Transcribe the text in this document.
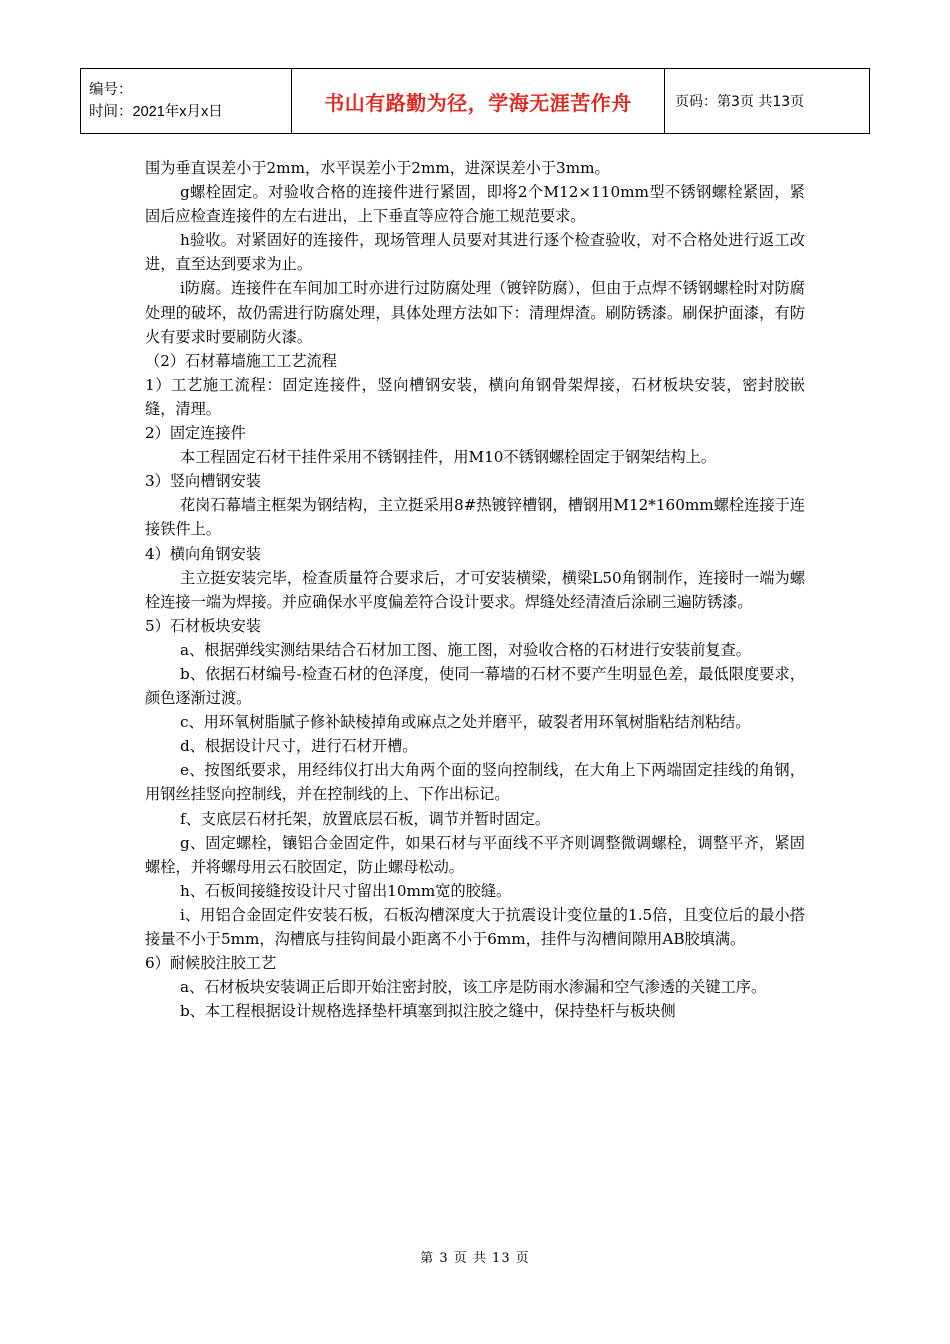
编号：
时间：2021年x月x日	书山有路勤为径，学海无涯苦作舟	页码：第3页 共13页

围为垂直误差小于2mm，水平误差小于2mm，进深误差小于3mm。

g螺栓固定。对验收合格的连接件进行紧固，即将2个M12×110mm型不锈钢螺栓紧固，紧固后应检查连接件的左右进出，上下垂直等应符合施工规范要求。

h验收。对紧固好的连接件，现场管理人员要对其进行逐个检查验收，对不合格处进行返工改进，直至达到要求为止。

i防腐。连接件在车间加工时亦进行过防腐处理（镀锌防腐），但由于点焊不锈钢螺栓时对防腐处理的破坏，故仍需进行防腐处理，具体处理方法如下：清理焊渣。刷防锈漆。刷保护面漆，有防火有要求时要刷防火漆。

（2）石材幕墙施工工艺流程

1）工艺施工流程：固定连接件，竖向槽钢安装，横向角钢骨架焊接，石材板块安装，密封胶嵌缝，清理。

2）固定连接件

本工程固定石材干挂件采用不锈钢挂件，用M10不锈钢螺栓固定于钢架结构上。

3）竖向槽钢安装

花岗石幕墙主框架为钢结构，主立挺采用8#热镀锌槽钢，槽钢用M12*160mm螺栓连接于连接铁件上。

4）横向角钢安装

主立挺安装完毕，检查质量符合要求后，才可安装横梁，横梁L50角钢制作，连接时一端为螺栓连接一端为焊接。并应确保水平度偏差符合设计要求。焊缝处经清渣后涂刷三遍防锈漆。

5）石材板块安装

a、根据弹线实测结果结合石材加工图、施工图，对验收合格的石材进行安装前复查。

b、依据石材编号-检查石材的色泽度，使同一幕墙的石材不要产生明显色差，最低限度要求，颜色逐渐过渡。

c、用环氧树脂腻子修补缺棱掉角或麻点之处并磨平，破裂者用环氧树脂粘结剂粘结。

d、根据设计尺寸，进行石材开槽。

e、按图纸要求，用经纬仪打出大角两个面的竖向控制线，在大角上下两端固定挂线的角钢，用钢丝挂竖向控制线，并在控制线的上、下作出标记。

f、支底层石材托架，放置底层石板，调节并暂时固定。

g、固定螺栓，镶铝合金固定件，如果石材与平面线不平齐则调整微调螺栓，调整平齐，紧固螺栓，并将螺母用云石胶固定，防止螺母松动。

h、石板间接缝按设计尺寸留出10mm宽的胶缝。

i、用铝合金固定件安装石板，石板沟槽深度大于抗震设计变位量的1.5倍，且变位后的最小搭接量不小于5mm，沟槽底与挂钩间最小距离不小于6mm，挂件与沟槽间隙用AB胶填满。

6）耐候胶注胶工艺

a、石材板块安装调正后即开始注密封胶，该工序是防雨水渗漏和空气渗透的关键工序。

b、本工程根据设计规格选择垫杆填塞到拟注胶之缝中，保持垫杆与板块侧

第 3 页 共 13 页
